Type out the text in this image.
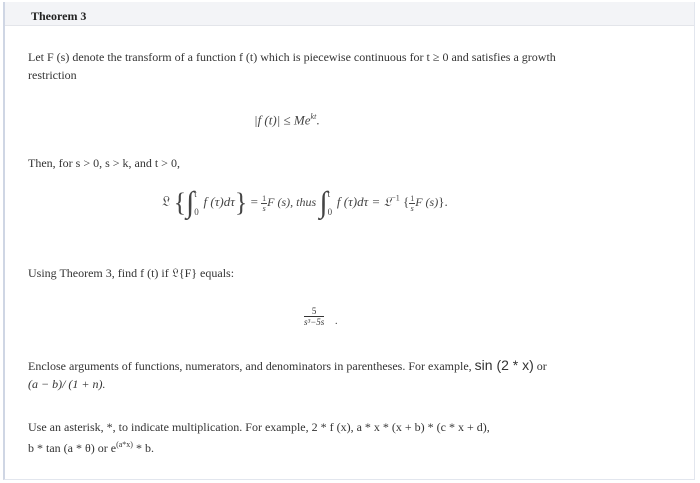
Theorem 3
Let F (s) denote the transform of a function f (t) which is piecewise continuous for t ≥ 0 and satisfies a growth
restriction
|f $(t)| \le Me^{kt}$.
Then, for s > 0, s > k, and t > 0,
𝔏 {∫ t
0
f $(\tau)d\tau\} = \frac{1}{s}$ F (s), thus ∫ t
0
f (τ)dτ = 𝔏$^{-1}$ { $\frac{1}{s}$ F (s)}.
Using Theorem 3, find f (t) if 𝔏{F} equals:
$\frac{5}{\text{s³−5s}}$ .
Enclose arguments of functions, numerators, and denominators in parentheses. For example, sin (2 * x) or
(a − b)/ (1 + n).
Use an asterisk, *, to indicate multiplication. For example, 2 * f (x), a * x * (x + b) * (c * x + d),
b * tan (a * θ) or $e^{(a*x)}$ * b.
